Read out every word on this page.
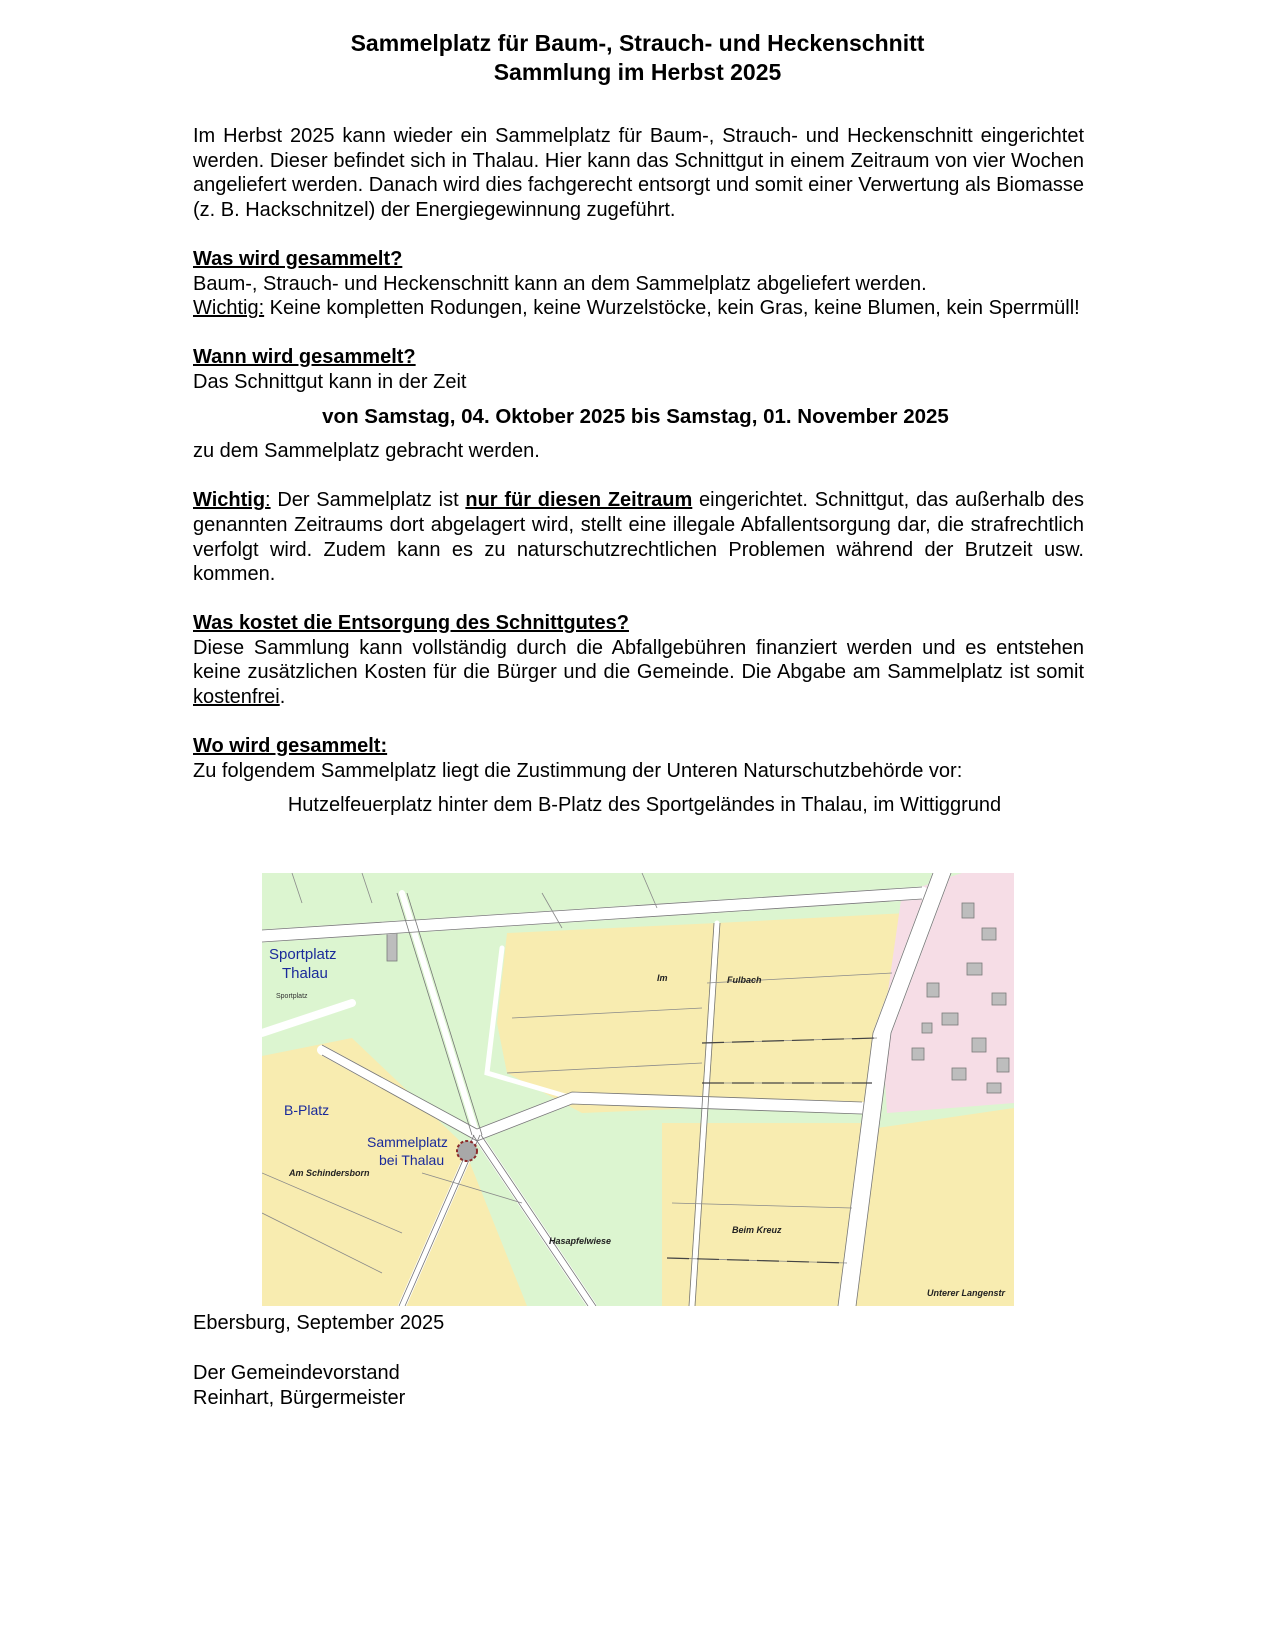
Sammelplatz für Baum-, Strauch- und Heckenschnitt
Sammlung im Herbst 2025

Im Herbst 2025 kann wieder ein Sammelplatz für Baum-, Strauch- und Heckenschnitt eingerichtet werden. Dieser befindet sich in Thalau. Hier kann das Schnittgut in einem Zeitraum von vier Wochen angeliefert werden. Danach wird dies fachgerecht entsorgt und somit einer Verwertung als Biomasse (z. B. Hackschnitzel) der Energiegewinnung zugeführt.

Was wird gesammelt?

Baum-, Strauch- und Heckenschnitt kann an dem Sammelplatz abgeliefert werden.

Wichtig: Keine kompletten Rodungen, keine Wurzelstöcke, kein Gras, keine Blumen, kein Sperrmüll!

Wann wird gesammelt?

Das Schnittgut kann in der Zeit

von Samstag, 04. Oktober 2025 bis Samstag, 01. November 2025

zu dem Sammelplatz gebracht werden.

Wichtig: Der Sammelplatz ist nur für diesen Zeitraum eingerichtet. Schnittgut, das außerhalb des genannten Zeitraums dort abgelagert wird, stellt eine illegale Abfallentsorgung dar, die strafrechtlich verfolgt wird. Zudem kann es zu naturschutzrechtlichen Problemen während der Brutzeit usw. kommen.

Was kostet die Entsorgung des Schnittgutes?

Diese Sammlung kann vollständig durch die Abfallgebühren finanziert werden und es entstehen keine zusätzlichen Kosten für die Bürger und die Gemeinde. Die Abgabe am Sammelplatz ist somit kostenfrei.

Wo wird gesammelt:

Zu folgendem Sammelplatz liegt die Zustimmung der Unteren Naturschutzbehörde vor:

Hutzelfeuerplatz hinter dem B-Platz des Sportgeländes in Thalau, im Wittiggrund

Sportplatz
Thalau
Sportplatz
B-Platz
Sammelplatz
bei Thalau
Am Schindersborn
Im	Fulbach
Hasapfelwiese
Beim Kreuz
Unterer Langenstr

Ebersburg, September 2025

Der Gemeindevorstand

Reinhart, Bürgermeister
